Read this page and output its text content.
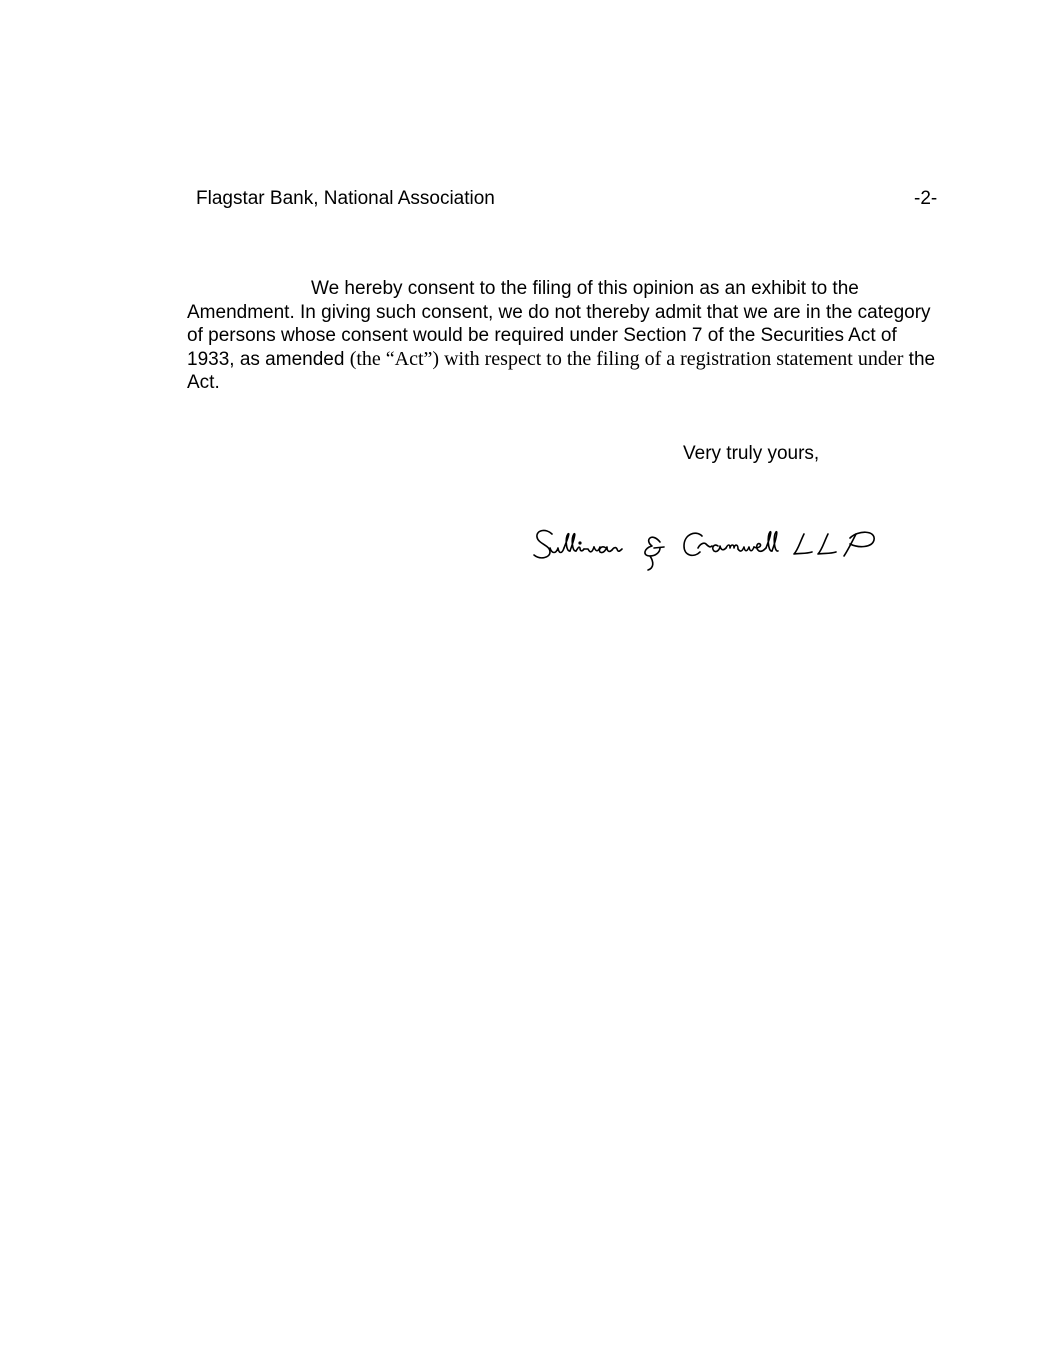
Flagstar Bank, National Association	-2-

We hereby consent to the filing of this opinion as an exhibit to the Amendment. In giving such consent, we do not thereby admit that we are in the category of persons whose consent would be required under Section 7 of the Securities Act of 1933, as amended (the “Act”) with respect to the filing of a registration statement under the Act.

Very truly yours,
